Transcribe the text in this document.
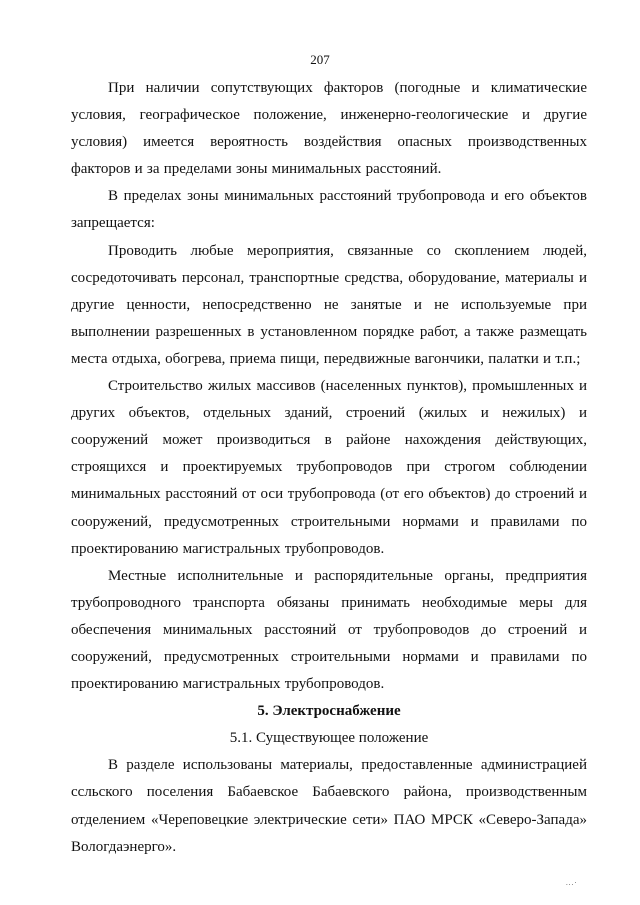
207

При наличии сопутствующих факторов (погодные и климатические условия, географическое положение, инженерно-геологические и другие условия) имеется вероятность воздействия опасных производственных факторов и за пределами зоны минимальных расстояний.

В пределах зоны минимальных расстояний трубопровода и его объектов запрещается:

Проводить любые мероприятия, связанные со скоплением людей, сосредоточивать персонал, транспортные средства, оборудование, материалы и другие ценности, непосредственно не занятые и не используемые при выполнении разрешенных в установленном порядке работ, а также размещать места отдыха, обогрева, приема пищи, передвижные вагончики, палатки и т.п.;

Строительство жилых массивов (населенных пунктов), промышленных и других объектов, отдельных зданий, строений (жилых и нежилых) и сооружений может производиться в районе нахождения действующих, строящихся и проектируемых трубопроводов при строгом соблюдении минимальных расстояний от оси трубопровода (от его объектов) до строений и сооружений, предусмотренных строительными нормами и правилами по проектированию магистральных трубопроводов.

Местные исполнительные и распорядительные органы, предприятия трубопроводного транспорта обязаны принимать необходимые меры для обеспечения минимальных расстояний от трубопроводов до строений и сооружений, предусмотренных строительными нормами и правилами по проектированию магистральных трубопроводов.

5. Электроснабжение

5.1. Существующее положение

В разделе использованы материалы, предоставленные администрацией ссльского поселения Бабаевское Бабаевского района, производственным отделением «Череповецкие электрические сети» ПАО МРСК «Северо-Запада» Вологдаэнерго».

...·
